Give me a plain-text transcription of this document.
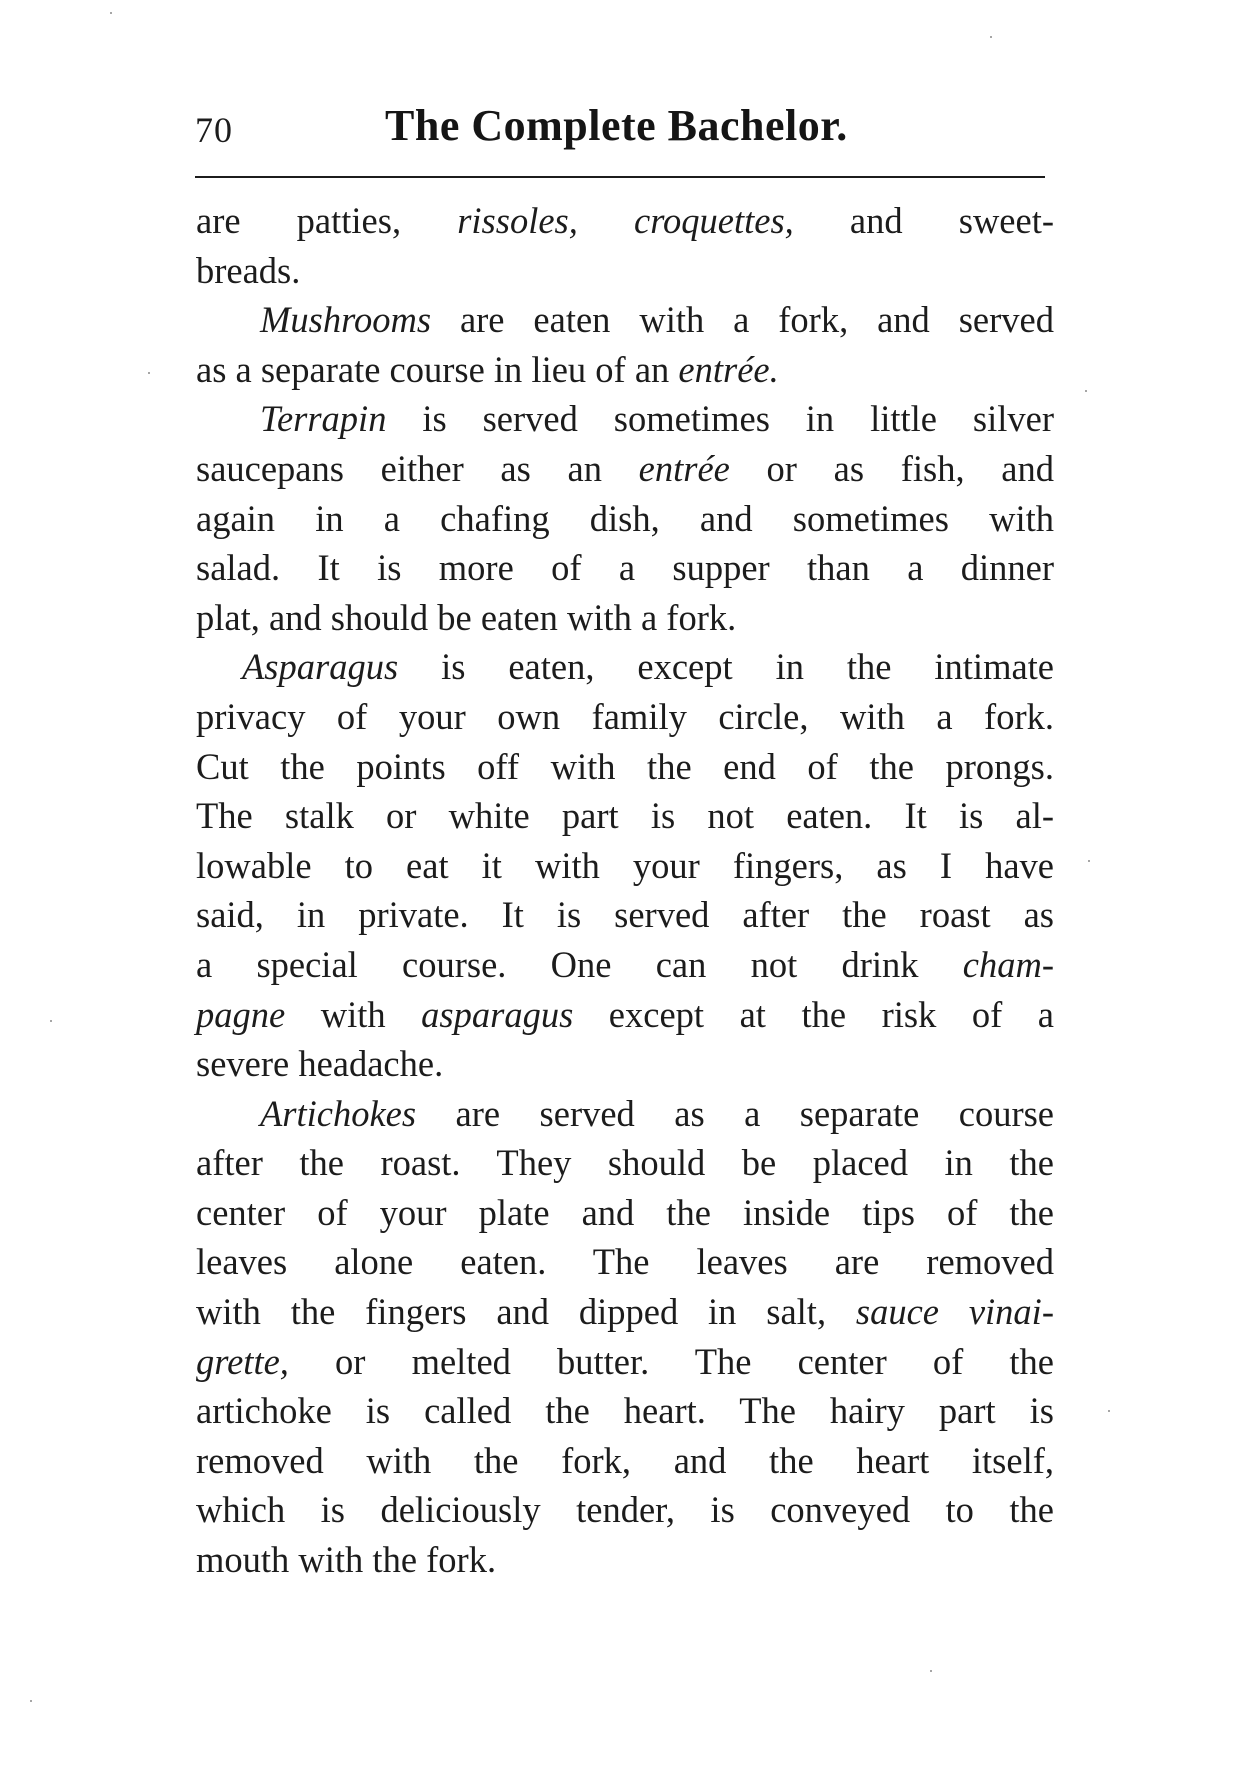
70	The Complete Bachelor.
are patties, rissoles, croquettes, and sweet-
breads.
Mushrooms are eaten with a fork, and served
as a separate course in lieu of an entrée.
Terrapin is served sometimes in little silver
saucepans either as an entrée or as fish, and
again in a chafing dish, and sometimes with
salad. It is more of a supper than a dinner
plat, and should be eaten with a fork.
Asparagus is eaten, except in the intimate
privacy of your own family circle, with a fork.
Cut the points off with the end of the prongs.
The stalk or white part is not eaten. It is al-
lowable to eat it with your fingers, as I have
said, in private. It is served after the roast as
a special course. One can not drink cham-
pagne with asparagus except at the risk of a
severe headache.
Artichokes are served as a separate course
after the roast. They should be placed in the
center of your plate and the inside tips of the
leaves alone eaten. The leaves are removed
with the fingers and dipped in salt, sauce vinai-
grette, or melted butter. The center of the
artichoke is called the heart. The hairy part is
removed with the fork, and the heart itself,
which is deliciously tender, is conveyed to the
mouth with the fork.
